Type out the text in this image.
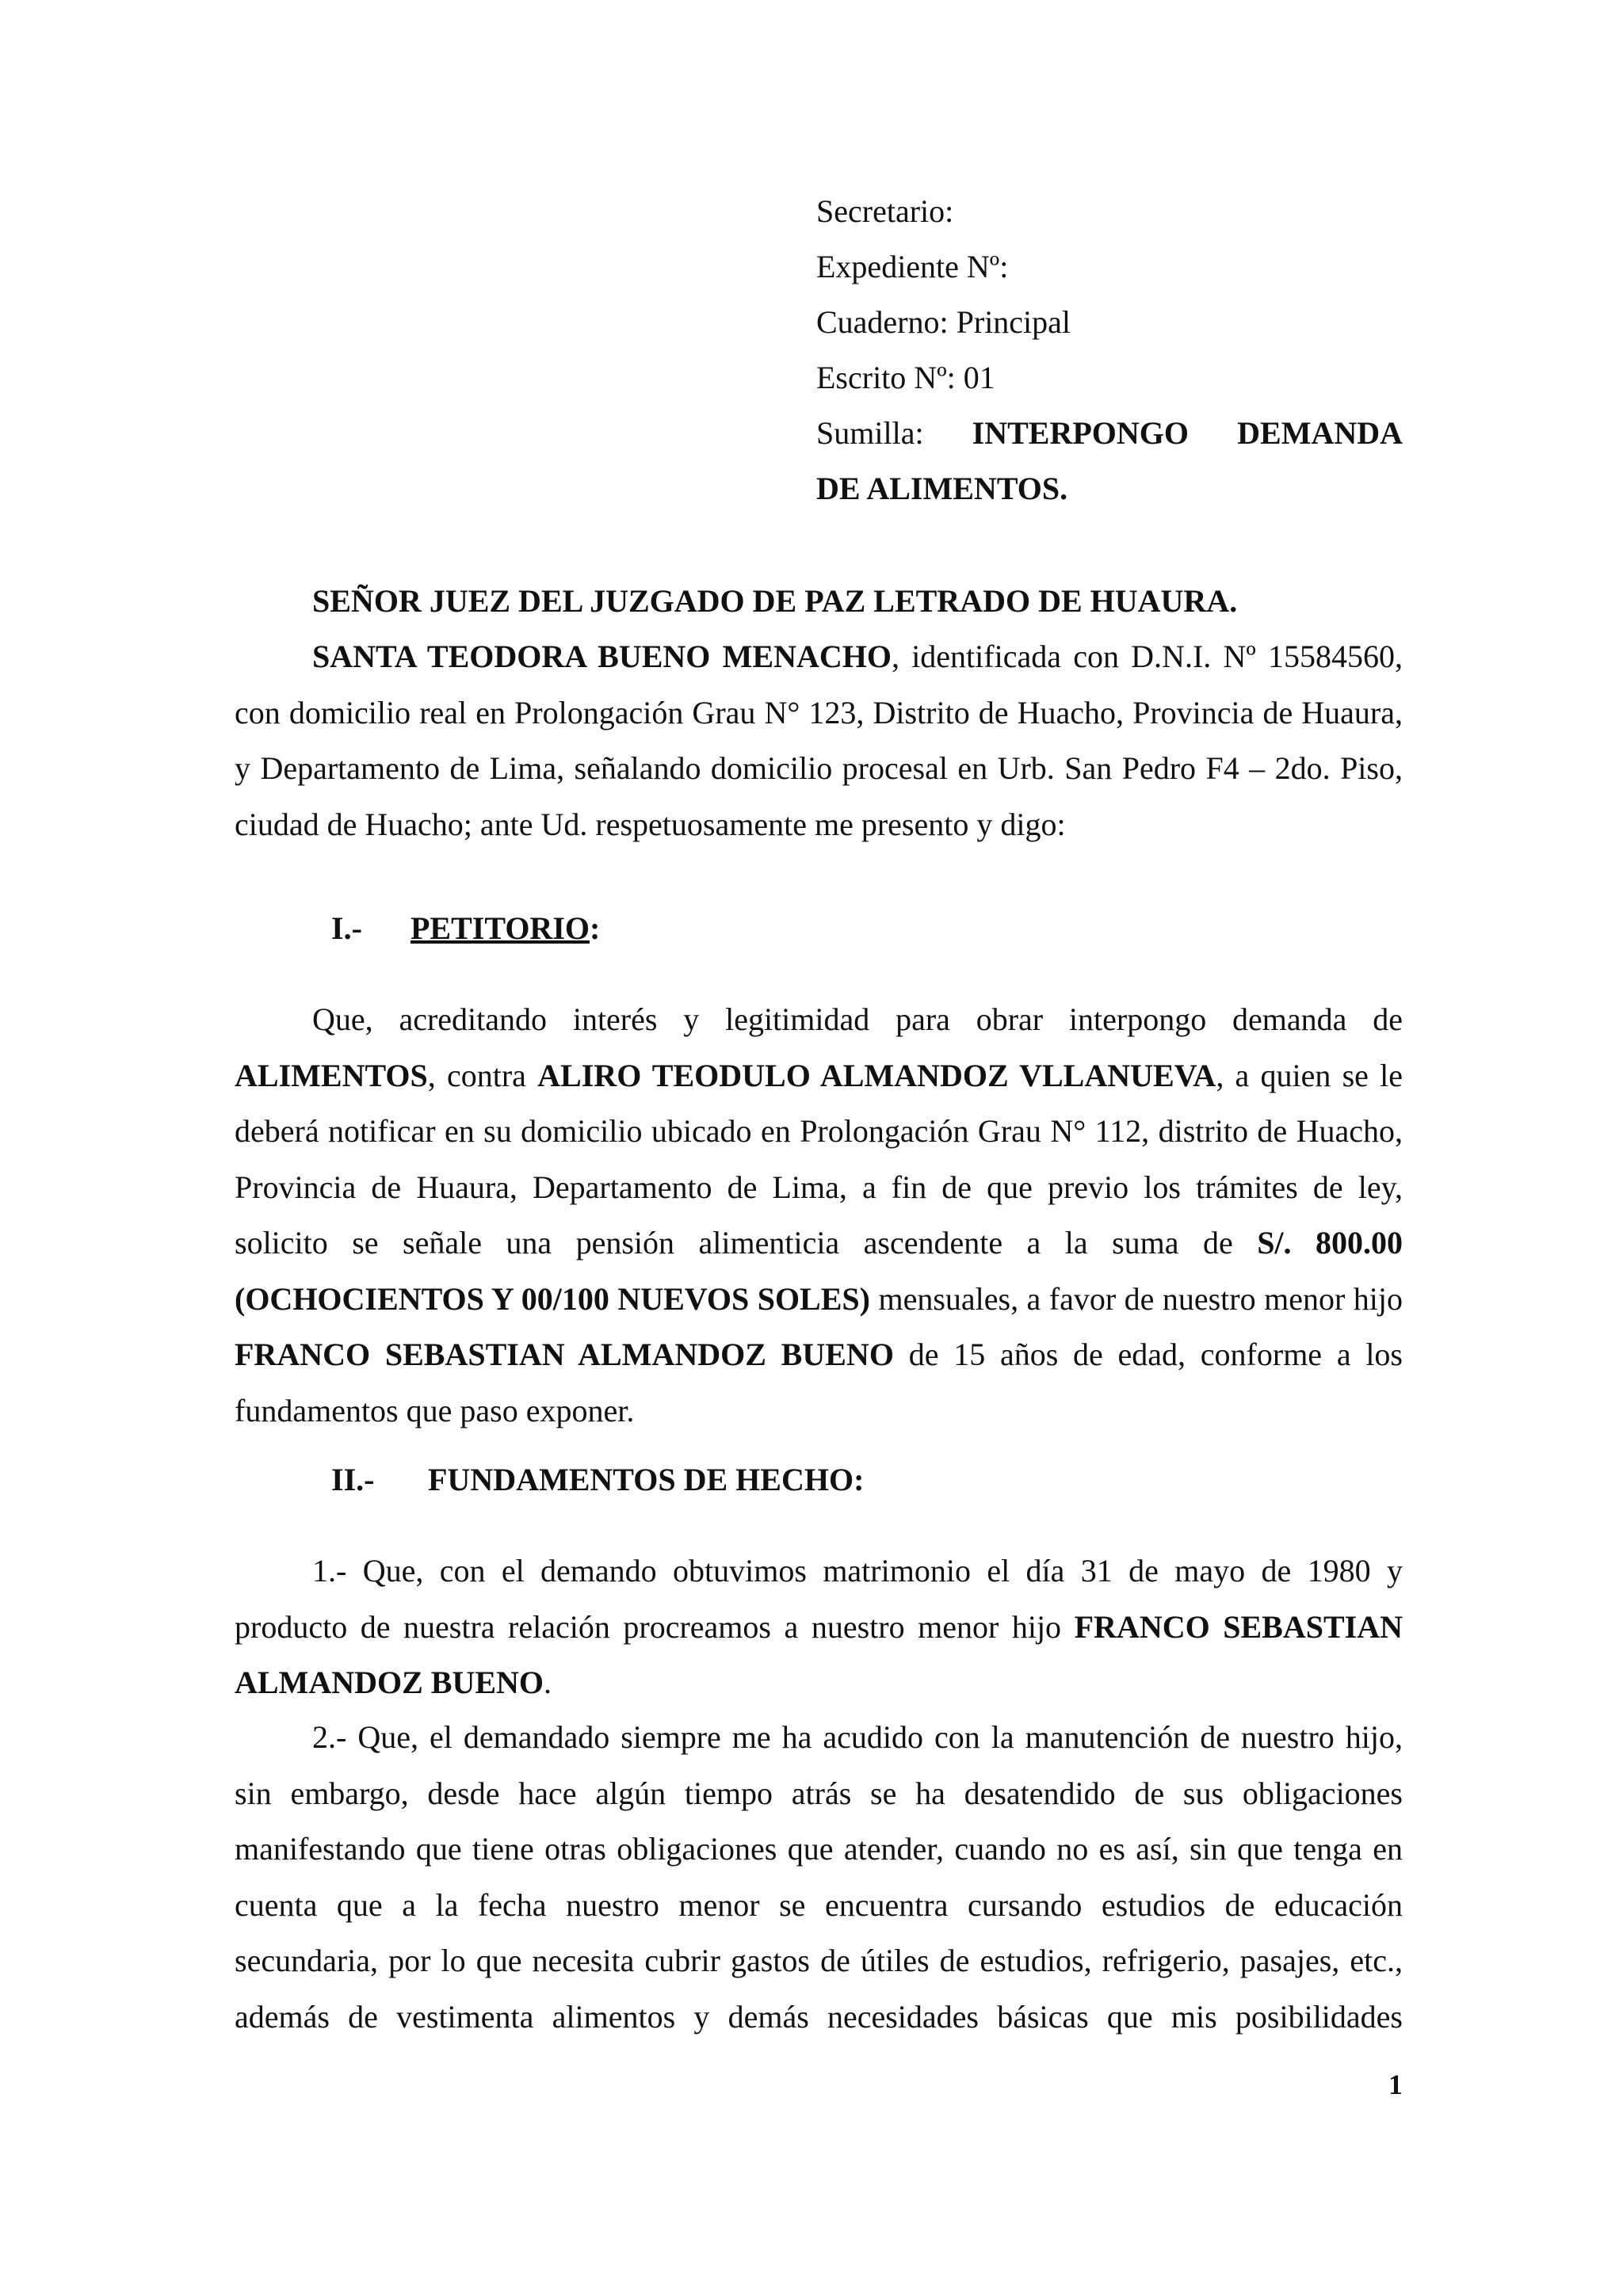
Secretario:
Expediente Nº:
Cuaderno: Principal
Escrito Nº: 01
Sumilla: INTERPONGO DEMANDA
DE ALIMENTOS.
SEÑOR JUEZ DEL JUZGADO DE PAZ LETRADO DE HUAURA.

SANTA TEODORA BUENO MENACHO, identificada con D.N.I. Nº 15584560, con domicilio real en Prolongación Grau N° 123, Distrito de Huacho, Provincia de Huaura, y Departamento de Lima, señalando domicilio procesal en Urb. San Pedro F4 – 2do. Piso, ciudad de Huacho; ante Ud. respetuosamente me presento y digo:

I.- PETITORIO:

Que, acreditando interés y legitimidad para obrar interpongo demanda de ALIMENTOS, contra ALIRO TEODULO ALMANDOZ VLLANUEVA, a quien se le deberá notificar en su domicilio ubicado en Prolongación Grau N° 112, distrito de Huacho, Provincia de Huaura, Departamento de Lima, a fin de que previo los trámites de ley, solicito se señale una pensión alimenticia ascendente a la suma de S/. 800.00 (OCHOCIENTOS Y 00/100 NUEVOS SOLES) mensuales, a favor de nuestro menor hijo FRANCO SEBASTIAN ALMANDOZ BUENO de 15 años de edad, conforme a los fundamentos que paso exponer.

II.- FUNDAMENTOS DE HECHO:

1.- Que, con el demando obtuvimos matrimonio el día 31 de mayo de 1980 y producto de nuestra relación procreamos a nuestro menor hijo FRANCO SEBASTIAN ALMANDOZ BUENO.

2.- Que, el demandado siempre me ha acudido con la manutención de nuestro hijo, sin embargo, desde hace algún tiempo atrás se ha desatendido de sus obligaciones manifestando que tiene otras obligaciones que atender, cuando no es así, sin que tenga en cuenta que a la fecha nuestro menor se encuentra cursando estudios de educación secundaria, por lo que necesita cubrir gastos de útiles de estudios, refrigerio, pasajes, etc., además de vestimenta alimentos y demás necesidades básicas que mis posibilidades

1
